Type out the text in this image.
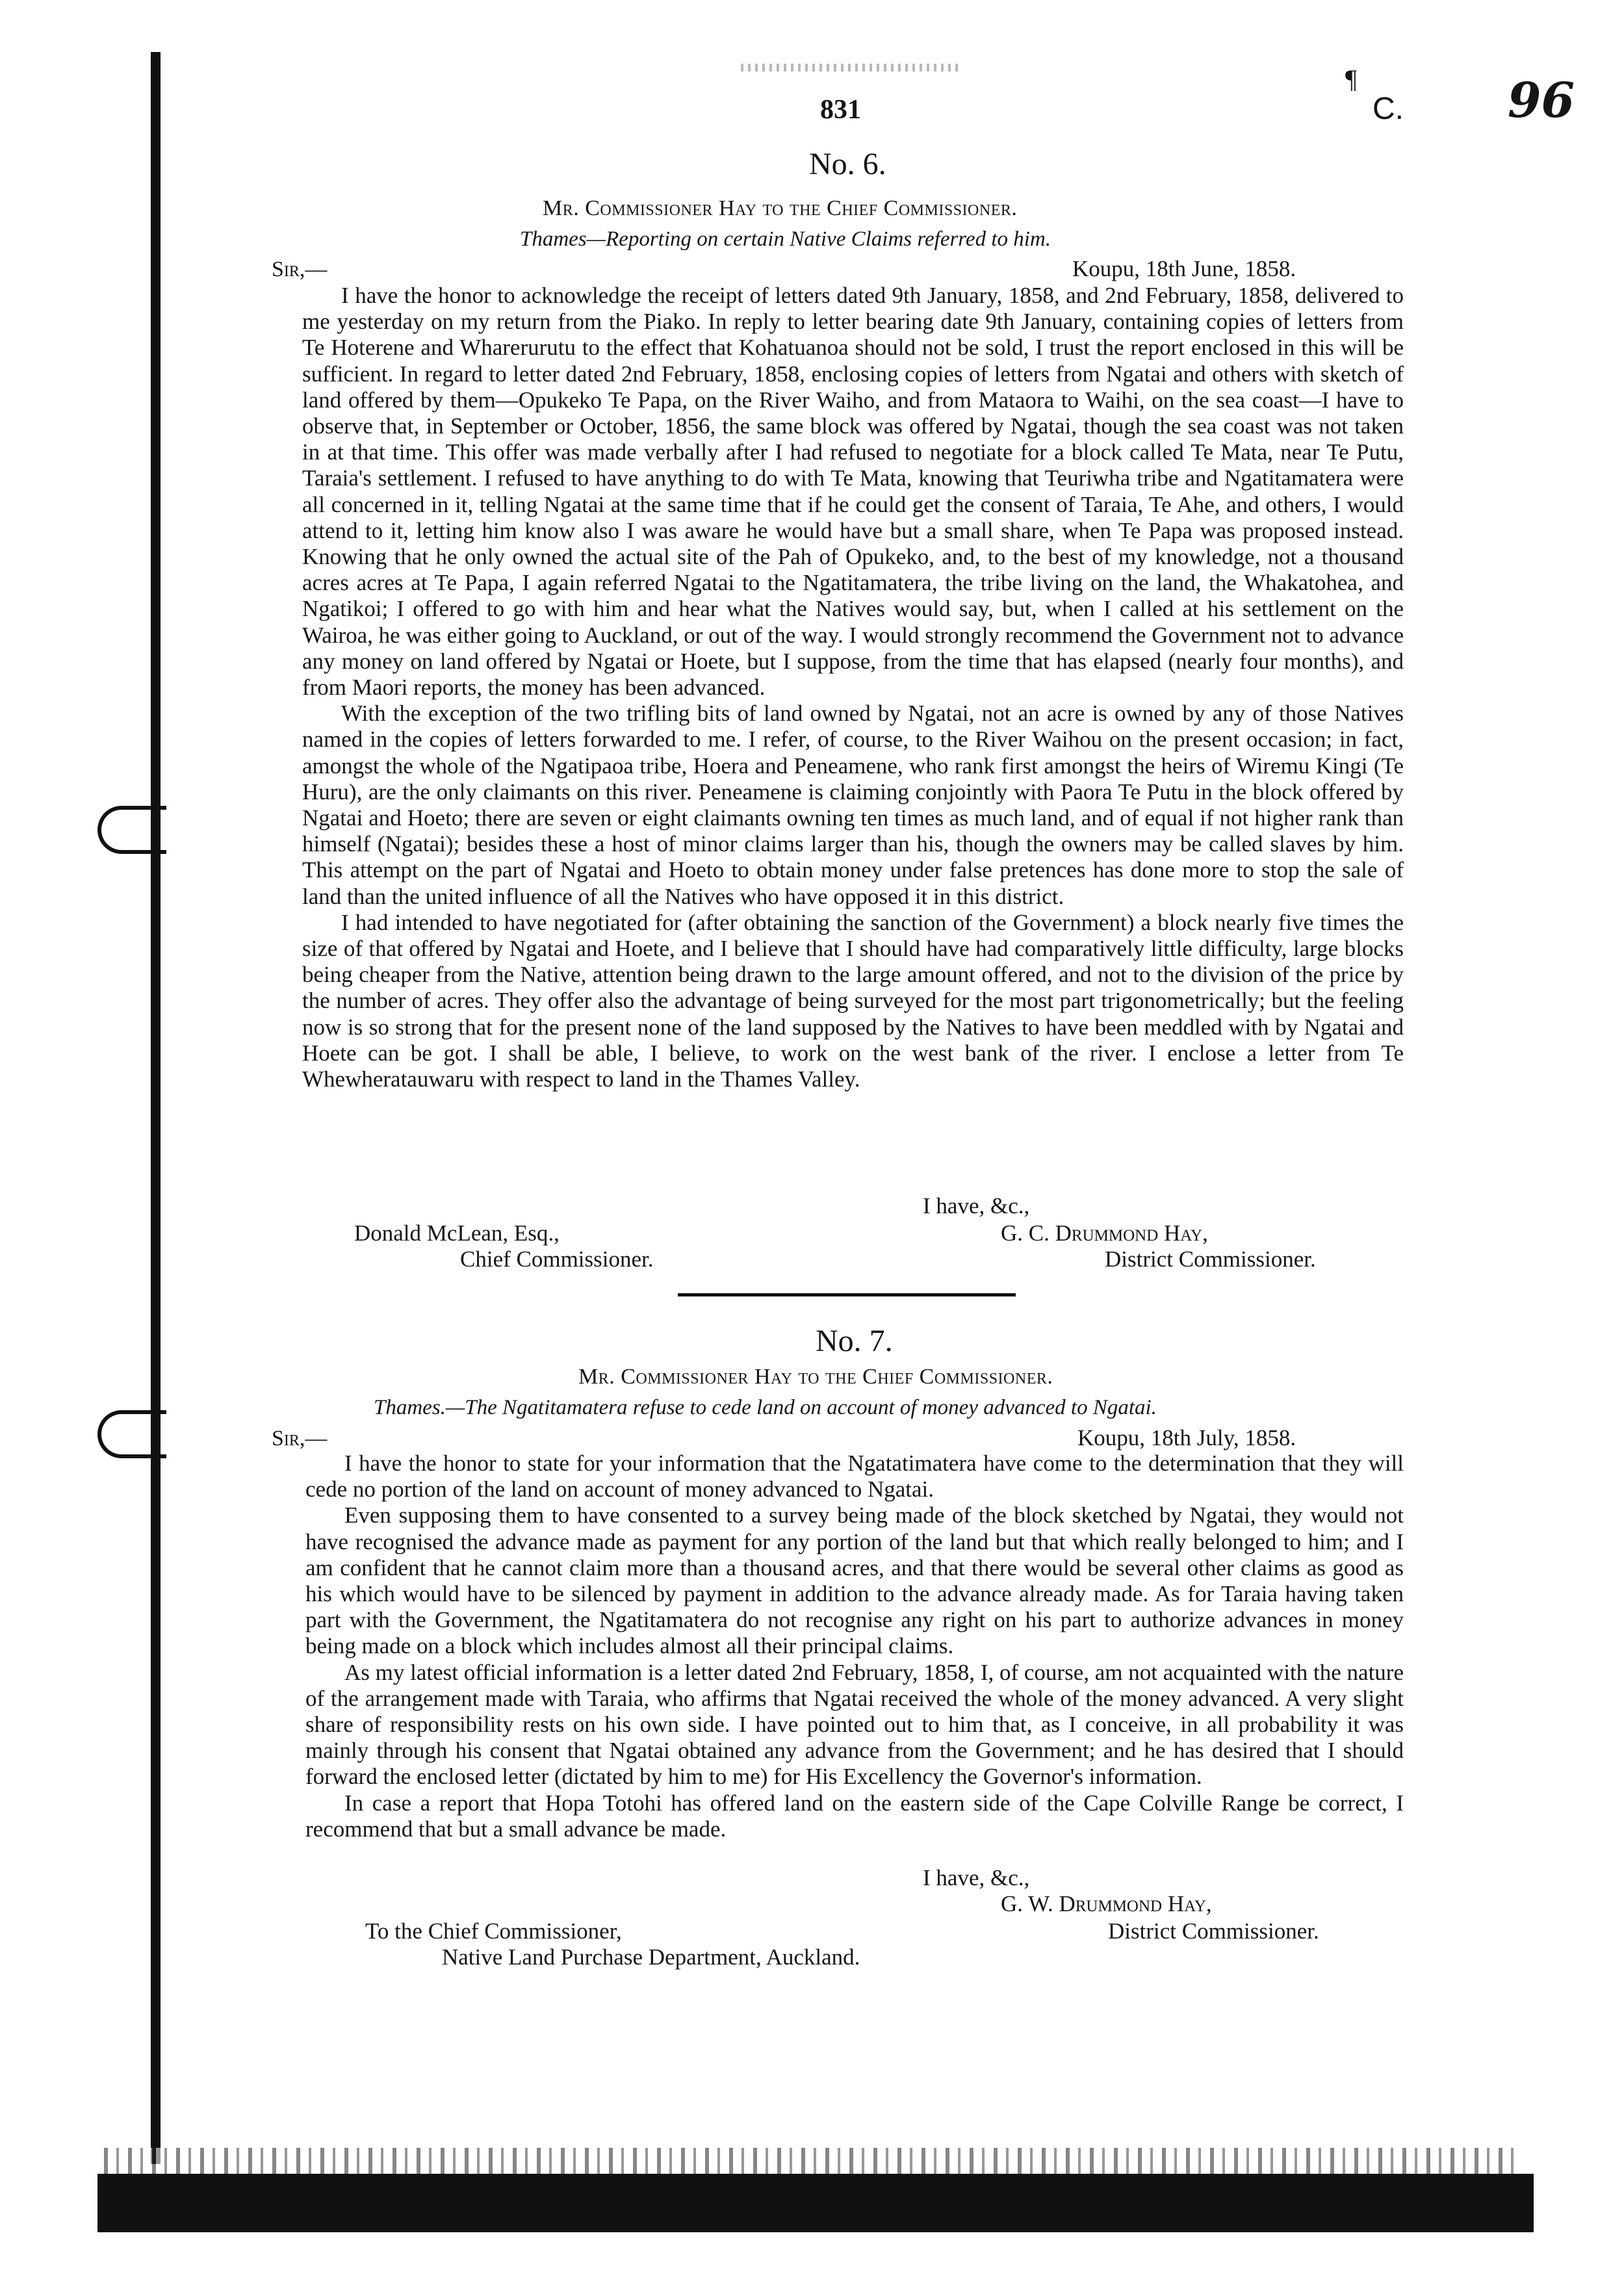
¶
831	C. 96
No. 6.
Mr. Commissioner Hay to the Chief Commissioner.
Thames—Reporting on certain Native Claims referred to him.
Sir,—	Koupu, 18th June, 1858.

I have the honor to acknowledge the receipt of letters dated 9th January, 1858, and 2nd February, 1858, delivered to me yesterday on my return from the Piako. In reply to letter bearing date 9th January, containing copies of letters from Te Hoterene and Wharerurutu to the effect that Kohatuanoa should not be sold, I trust the report enclosed in this will be sufficient. In regard to letter dated 2nd February, 1858, enclosing copies of letters from Ngatai and others with sketch of land offered by them—Opukeko Te Papa, on the River Waiho, and from Mataora to Waihi, on the sea coast—I have to observe that, in September or October, 1856, the same block was offered by Ngatai, though the sea coast was not taken in at that time. This offer was made verbally after I had refused to negotiate for a block called Te Mata, near Te Putu, Taraia's settlement. I refused to have anything to do with Te Mata, knowing that Teuriwha tribe and Ngatitamatera were all concerned in it, telling Ngatai at the same time that if he could get the consent of Taraia, Te Ahe, and others, I would attend to it, letting him know also I was aware he would have but a small share, when Te Papa was proposed instead. Knowing that he only owned the actual site of the Pah of Opukeko, and, to the best of my knowledge, not a thousand acres acres at Te Papa, I again referred Ngatai to the Ngatitamatera, the tribe living on the land, the Whakatohea, and Ngatikoi; I offered to go with him and hear what the Natives would say, but, when I called at his settlement on the Wairoa, he was either going to Auckland, or out of the way. I would strongly recommend the Government not to advance any money on land offered by Ngatai or Hoete, but I suppose, from the time that has elapsed (nearly four months), and from Maori reports, the money has been advanced.

With the exception of the two trifling bits of land owned by Ngatai, not an acre is owned by any of those Natives named in the copies of letters forwarded to me. I refer, of course, to the River Waihou on the present occasion; in fact, amongst the whole of the Ngatipaoa tribe, Hoera and Peneamene, who rank first amongst the heirs of Wiremu Kingi (Te Huru), are the only claimants on this river. Peneamene is claiming conjointly with Paora Te Putu in the block offered by Ngatai and Hoeto; there are seven or eight claimants owning ten times as much land, and of equal if not higher rank than himself (Ngatai); besides these a host of minor claims larger than his, though the owners may be called slaves by him. This attempt on the part of Ngatai and Hoeto to obtain money under false pretences has done more to stop the sale of land than the united influence of all the Natives who have opposed it in this district.

I had intended to have negotiated for (after obtaining the sanction of the Government) a block nearly five times the size of that offered by Ngatai and Hoete, and I believe that I should have had comparatively little difficulty, large blocks being cheaper from the Native, attention being drawn to the large amount offered, and not to the division of the price by the number of acres. They offer also the advantage of being surveyed for the most part trigonometrically; but the feeling now is so strong that for the present none of the land supposed by the Natives to have been meddled with by Ngatai and Hoete can be got. I shall be able, I believe, to work on the west bank of the river. I enclose a letter from Te Whewheratauwaru with respect to land in the Thames Valley.

I have, &c.,
Donald McLean, Esq.,	G. C. Drummond Hay,
Chief Commissioner.	District Commissioner.
No. 7.
Mr. Commissioner Hay to the Chief Commissioner.
Thames.—The Ngatitamatera refuse to cede land on account of money advanced to Ngatai.
Sir,—	Koupu, 18th July, 1858.

I have the honor to state for your information that the Ngatatimatera have come to the determination that they will cede no portion of the land on account of money advanced to Ngatai.

Even supposing them to have consented to a survey being made of the block sketched by Ngatai, they would not have recognised the advance made as payment for any portion of the land but that which really belonged to him; and I am confident that he cannot claim more than a thousand acres, and that there would be several other claims as good as his which would have to be silenced by payment in addition to the advance already made. As for Taraia having taken part with the Government, the Ngatitamatera do not recognise any right on his part to authorize advances in money being made on a block which includes almost all their principal claims.

As my latest official information is a letter dated 2nd February, 1858, I, of course, am not acquainted with the nature of the arrangement made with Taraia, who affirms that Ngatai received the whole of the money advanced. A very slight share of responsibility rests on his own side. I have pointed out to him that, as I conceive, in all probability it was mainly through his consent that Ngatai obtained any advance from the Government; and he has desired that I should forward the enclosed letter (dictated by him to me) for His Excellency the Governor's information.

In case a report that Hopa Totohi has offered land on the eastern side of the Cape Colville Range be correct, I recommend that but a small advance be made.

I have, &c.,
G. W. Drummond Hay,
District Commissioner.
To the Chief Commissioner,
Native Land Purchase Department, Auckland.
